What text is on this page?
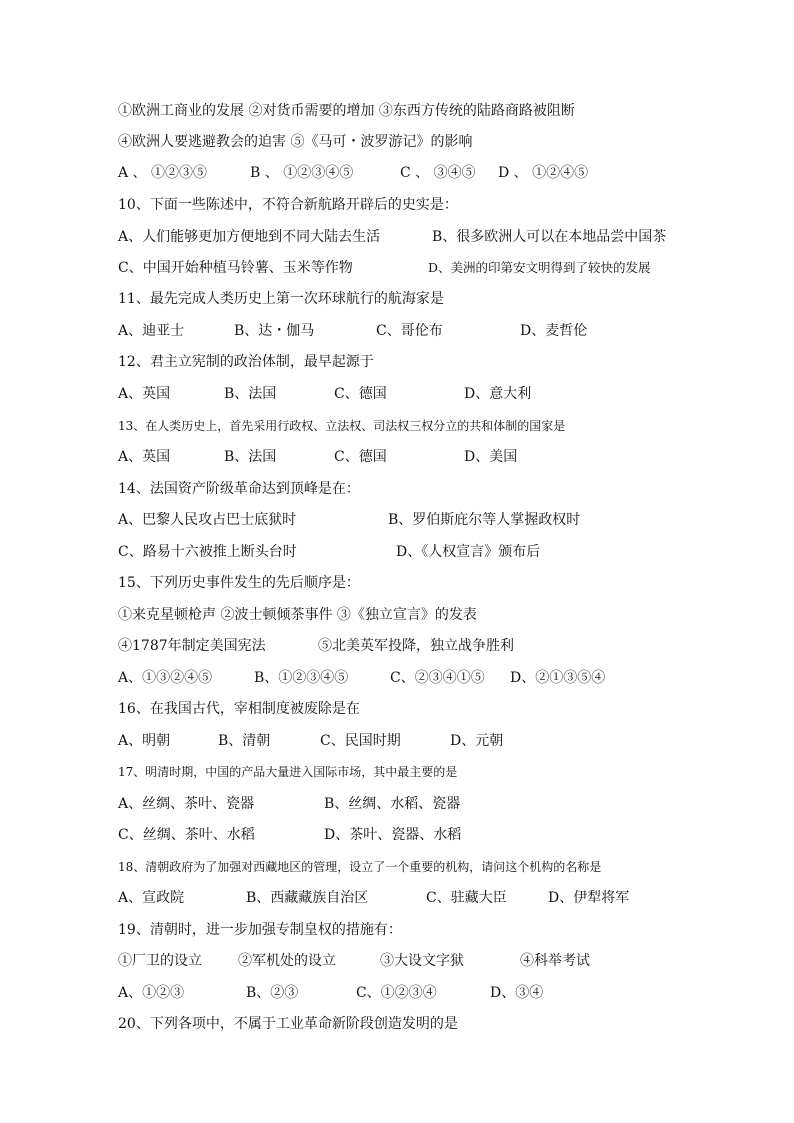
①欧洲工商业的发展 ②对货币需要的增加 ③东西方传统的陆路商路被阻断
④欧洲人要逃避教会的迫害 ⑤《马可・波罗游记》的影响
A 、 ①②③⑤	B 、 ①②③④⑤	C 、 ③④⑤ D 、 ①②④⑤
10、下面一些陈述中，不符合新航路开辟后的史实是：
A、人们能够更加方便地到不同大陆去生活	B、很多欧洲人可以在本地品尝中国茶
C、中国开始种植马铃薯、玉米等作物	D、美洲的印第安文明得到了较快的发展
11、最先完成人类历史上第一次环球航行的航海家是
A、迪亚士	B、达・伽马	C、哥伦布	D、麦哲伦
12、君主立宪制的政治体制，最早起源于
A、英国	B、法国	C、德国	D、意大利
13、在人类历史上，首先采用行政权、立法权、司法权三权分立的共和体制的国家是
A、英国	B、法国	C、德国	D、美国
14、法国资产阶级革命达到顶峰是在：
A、巴黎人民攻占巴士底狱时	B、罗伯斯庇尔等人掌握政权时
C、路易十六被推上断头台时	D、《人权宣言》颁布后
15、下列历史事件发生的先后顺序是：
①来克星顿枪声 ②波士顿倾茶事件 ③《独立宣言》的发表
④1787年制定美国宪法	⑤北美英军投降，独立战争胜利
A、①③②④⑤	B、①②③④⑤	C、②③④①⑤ D、②①③⑤④
16、在我国古代，宰相制度被废除是在
A、明朝	B、清朝	C、民国时期	D、元朝
17、明清时期，中国的产品大量进入国际市场，其中最主要的是
A、丝绸、茶叶、瓷器	B、丝绸、水稻、瓷器
C、丝绸、茶叶、水稻	D、茶叶、瓷器、水稻
18、清朝政府为了加强对西藏地区的管理，设立了一个重要的机构，请问这个机构的名称是
A、宣政院	B、西藏藏族自治区	C、驻藏大臣	D、伊犁将军
19、清朝时，进一步加强专制皇权的措施有：
①厂卫的设立	②军机处的设立	③大设文字狱	④科举考试
A、①②③	B、②③	C、①②③④	D、③④
20、下列各项中，不属于工业革命新阶段创造发明的是
